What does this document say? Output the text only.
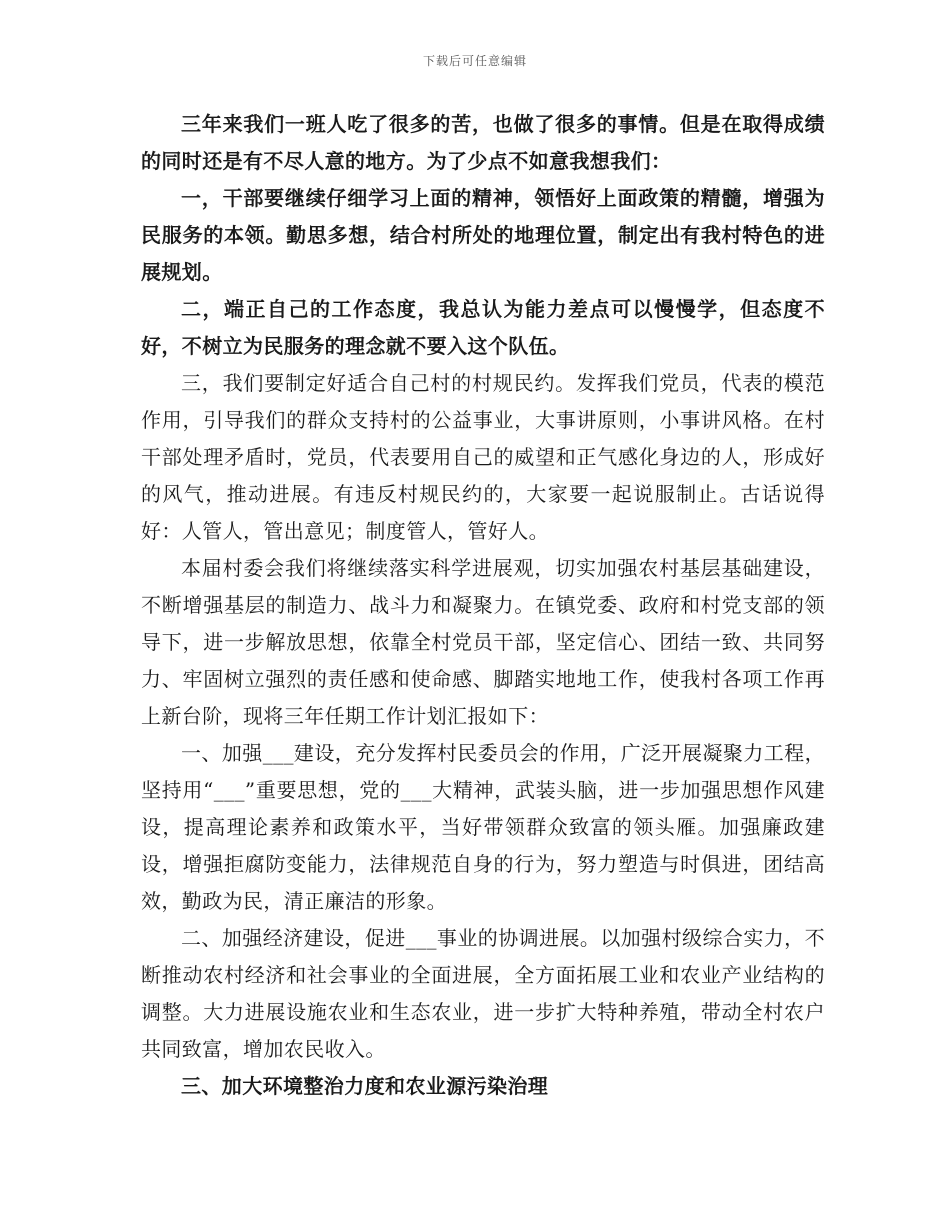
下载后可任意编辑

三年来我们一班人吃了很多的苦，也做了很多的事情。但是在取得成绩的同时还是有不尽人意的地方。为了少点不如意我想我们：

一，干部要继续仔细学习上面的精神，领悟好上面政策的精髓，增强为民服务的本领。勤思多想，结合村所处的地理位置，制定出有我村特色的进展规划。

二，端正自己的工作态度，我总认为能力差点可以慢慢学，但态度不好，不树立为民服务的理念就不要入这个队伍。

三，我们要制定好适合自己村的村规民约。发挥我们党员，代表的模范作用，引导我们的群众支持村的公益事业，大事讲原则，小事讲风格。在村干部处理矛盾时，党员，代表要用自己的威望和正气感化身边的人，形成好的风气，推动进展。有违反村规民约的，大家要一起说服制止。古话说得好：人管人，管出意见；制度管人，管好人。

本届村委会我们将继续落实科学进展观，切实加强农村基层基础建设，不断增强基层的制造力、战斗力和凝聚力。在镇党委、政府和村党支部的领导下，进一步解放思想，依靠全村党员干部，坚定信心、团结一致、共同努力、牢固树立强烈的责任感和使命感、脚踏实地地工作，使我村各项工作再上新台阶，现将三年任期工作计划汇报如下：

一、加强___建设，充分发挥村民委员会的作用，广泛开展凝聚力工程，坚持用“___”重要思想，党的___大精神，武装头脑，进一步加强思想作风建设，提高理论素养和政策水平，当好带领群众致富的领头雁。加强廉政建设，增强拒腐防变能力，法律规范自身的行为，努力塑造与时俱进，团结高效，勤政为民，清正廉洁的形象。

二、加强经济建设，促进___事业的协调进展。以加强村级综合实力，不断推动农村经济和社会事业的全面进展，全方面拓展工业和农业产业结构的调整。大力进展设施农业和生态农业，进一步扩大特种养殖，带动全村农户共同致富，增加农民收入。

三、加大环境整治力度和农业源污染治理
